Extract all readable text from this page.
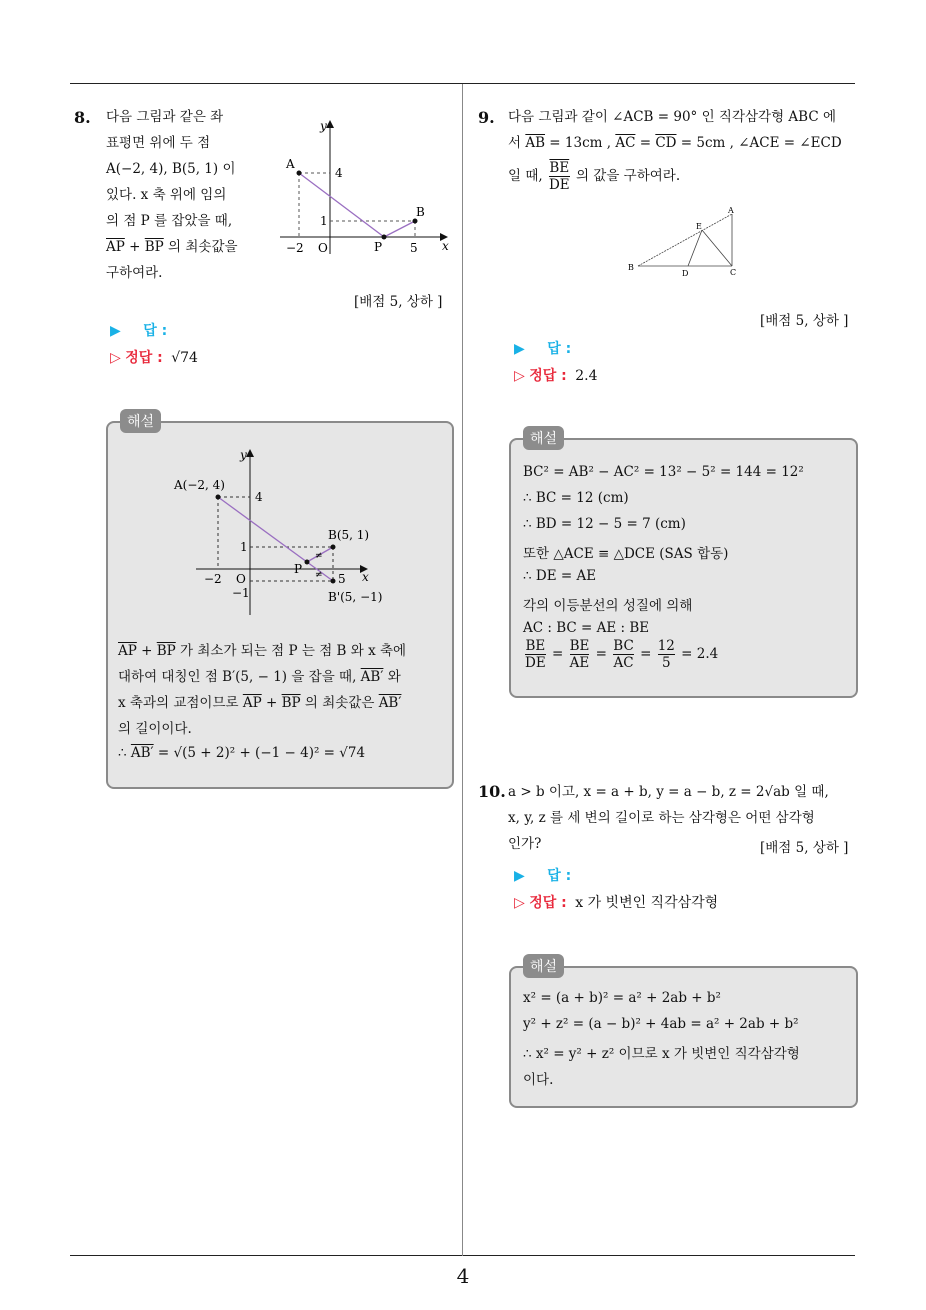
4
8. 다음 그림과 같은 좌
표평면 위에 두 점
A(−2, 4), B(5, 1) 이
있다. x 축 위에 임의
의 점 P 를 잡았을 때,
$\overline{AP} + \overline{BP}$ 의 최솟값을
구하여라.
y
x
O
A
B
P
4
1
−2	5
[배점 5, 상하 ]
▶ 답 :
▷ 정답 : √74
해설
≠
≠
y
x
O
A(−2, 4)
B(5, 1)
P
B'(5, −1)
4
1
−1
−2	5
$\overline{AP} + \overline{BP}$ 가 최소가 되는 점 P 는 점 B 와 x 축에
대하여 대칭인 점 B′(5, − 1) 을 잡을 때, AB′ 와
x 축과의 교점이므로 $\overline{AP} + \overline{BP}$ 의 최솟값은 AB′
의 길이이다.
∴ AB′ = √(5 + 2)² + (−1 − 4)² = √74
9. 다음 그림과 같이 ∠ACB = 90° 인 직각삼각형 ABC 에
서 $\overline{AB} = 13cm$ , $\overline{AC} = \overline{CD} = 5cm$ , ∠ACE = ∠ECD
일 때, $\frac{\overline{BE}}{DE}$ 의 값을 구하여라.
A
B
C
D
E
[배점 5, 상하 ]
▶ 답 :
▷ 정답 : 2.4
해설
BC² = AB² − AC² = 13² − 5² = 144 = 12²
∴ BC = 12 (cm)
∴ BD = 12 − 5 = 7 (cm)
또한 △ACE ≡ △DCE (SAS 합동)
∴ DE = AE
각의 이등분선의 성질에 의해
AC : BC = AE : BE
$\frac{BE}{DE} = \frac{BE}{AE} = \frac{BC}{AC} = \frac{12}{5} = 2.4$
10. a > b 이고, x = a + b, y = a − b, z = 2√ab 일 때,
x, y, z 를 세 변의 길이로 하는 삼각형은 어떤 삼각형
인가?	[배점 5, 상하 ]
▶ 답 :
▷ 정답 : x 가 빗변인 직각삼각형
해설
x² = (a + b)² = a² + 2ab + b²
y² + z² = (a − b)² + 4ab = a² + 2ab + b²
∴ x² = y² + z² 이므로 x 가 빗변인 직각삼각형
이다.
